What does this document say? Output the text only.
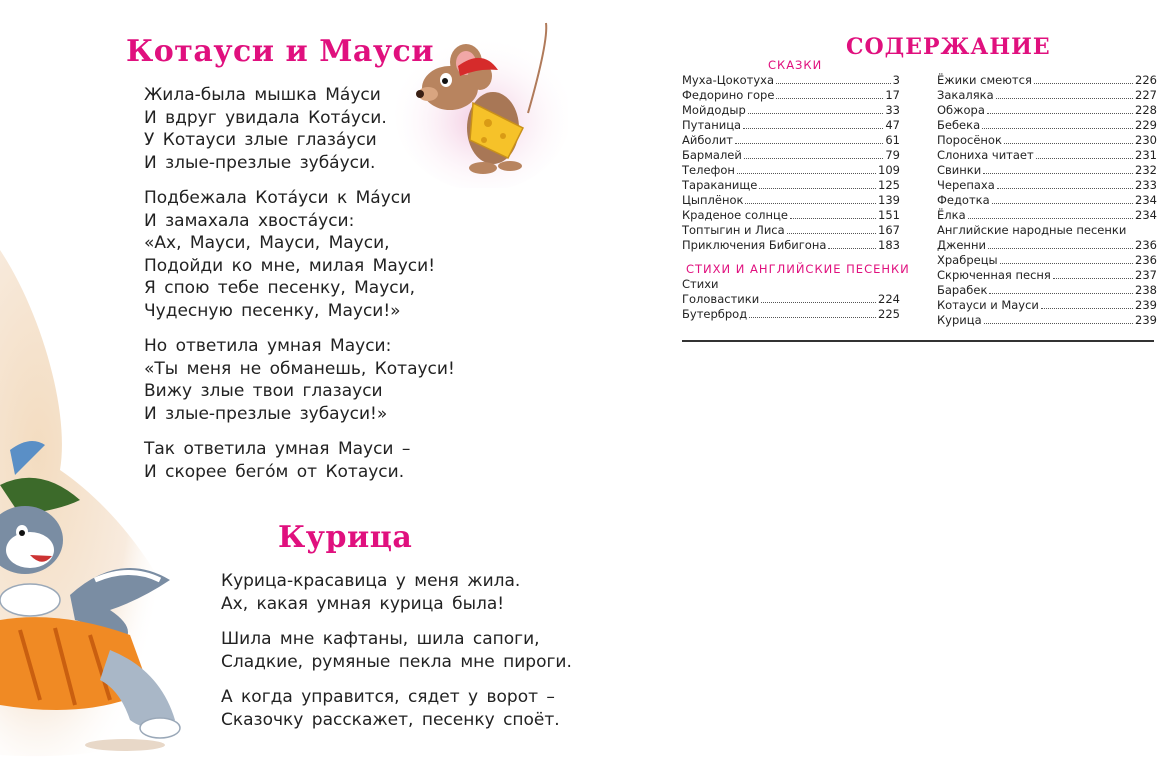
Котауси и Мауси
Жила-была мышка Ма́уси
И вдруг увидала Кота́уси.
У Котауси злые глаза́уси
И злые-презлые зуба́уси.
Подбежала Кота́уси к Ма́уси
И замахала хвоста́уси:
«Ах, Мауси, Мауси, Мауси,
Подойди ко мне, милая Мауси!
Я спою тебе песенку, Мауси,
Чудесную песенку, Мауси!»
Но ответила умная Мауси:
«Ты меня не обманешь, Котауси!
Вижу злые твои глазауси
И злые-презлые зубауси!»
Так ответила умная Мауси –
И скорее бего́м от Котауси.
Курица
Курица-красавица у меня жила.
Ах, какая умная курица была!
Шила мне кафтаны, шила сапоги,
Сладкие, румяные пекла мне пироги.
А когда управится, сядет у ворот –
Сказочку расскажет, песенку споёт.
СОДЕРЖАНИЕ
СКАЗКИ
Муха-Цокотуха	3
Федорино горе	17
Мойдодыр	33
Путаница	47
Айболит	61
Бармалей	79
Телефон	109
Тараканище	125
Цыплёнок	139
Краденое солнце	151
Топтыгин и Лиса	167
Приключения Бибигона	183
СТИХИ И АНГЛИЙСКИЕ ПЕСЕНКИ
Стихи
Головастики	224
Бутерброд	225
Ёжики смеются	226
Закаляка	227
Обжора	228
Бебека	229
Поросёнок	230
Слониха читает	231
Свинки	232
Черепаха	233
Федотка	234
Ёлка	234
Английские народные песенки
Дженни	236
Храбрецы	236
Скрюченная песня	237
Барабек	238
Котауси и Мауси	239
Курица	239
